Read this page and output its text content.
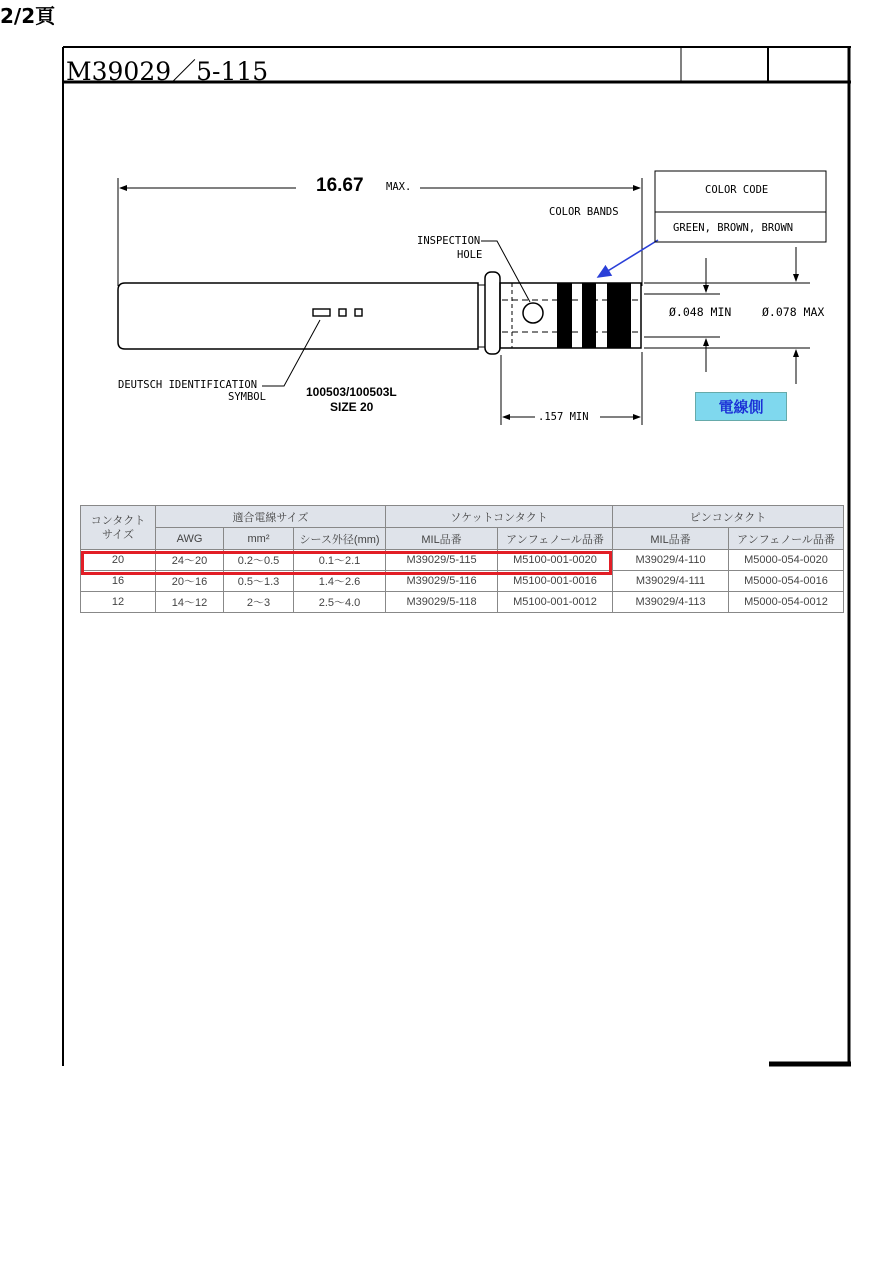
M39029／5-115
2/2頁
16.67 MAX.
COLOR BANDS
COLOR CODE
GREEN, BROWN, BROWN
INSPECTION
HOLE
Ø.048 MIN	Ø.078 MAX
DEUTSCH IDENTIFICATION
SYMBOL	100503/100503L
SIZE 20
.157 MIN
電線側
コンタクト
サイズ	適合電線サイズ			ソケットコンタクト		ピンコンタクト	
	AWG	mm²	シース外径(mm)	MIL品番	アンフェノール品番	MIL品番	アンフェノール品番
20	24～20	0.2～0.5	0.1～2.1	M39029/5-115	M5100-001-0020	M39029/4-110	M5000-054-0020
16	20～16	0.5～1.3	1.4～2.6	M39029/5-116	M5100-001-0016	M39029/4-111	M5000-054-0016
12	14～12	2～3	2.5～4.0	M39029/5-118	M5100-001-0012	M39029/4-113	M5000-054-0012
